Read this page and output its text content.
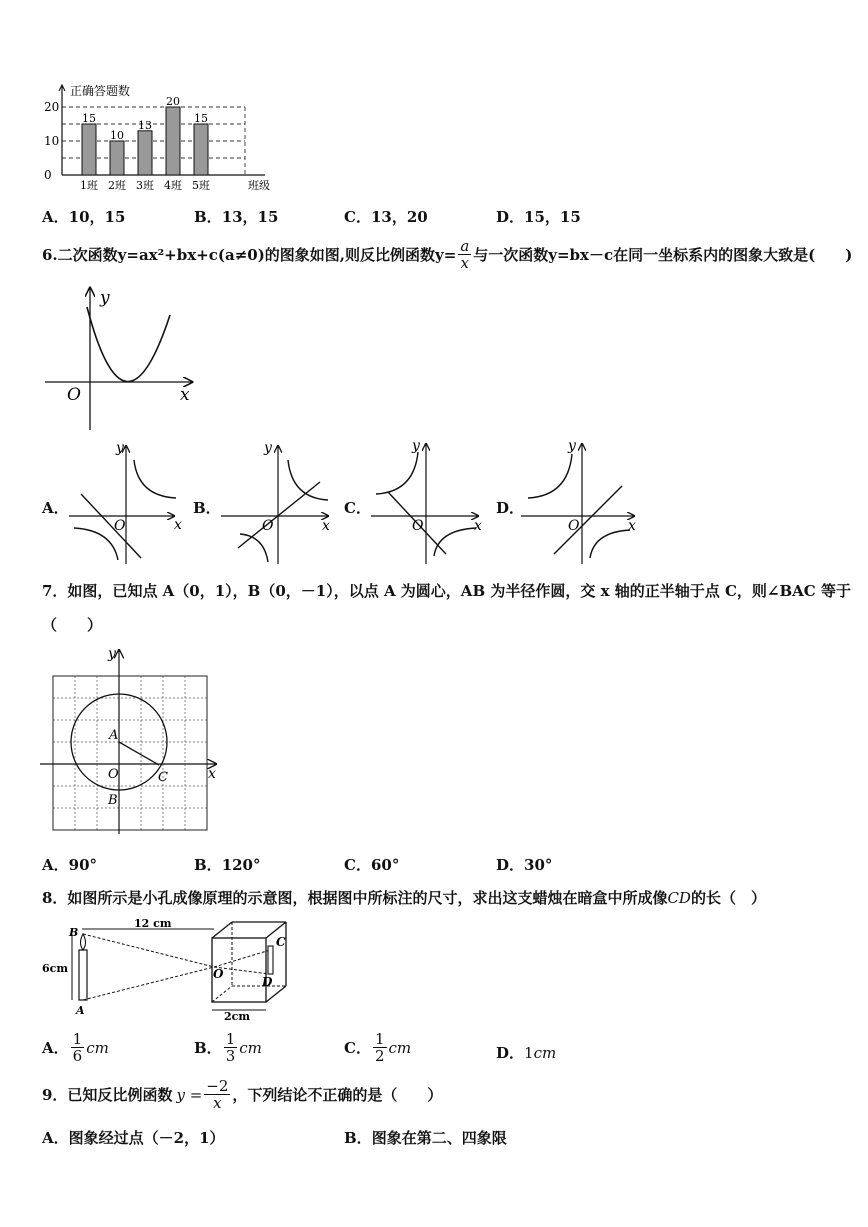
正确答题数
0
10
20
15
1班
10
2班
13
3班
20
4班
15
5班	班级
A．10，15	B．13，15	C．13，20	D．15，15
6.二次函数y=ax²+bx+c(a≠0)的图象如图,则反比例函数$y= \frac{a}{x}$ 与一次函数y=bx－c在同一坐标系内的图象大致是(　　)
y
x
O
A．
y
x
O
B．
y
x
O
C．
y
x
O
D．
y
x
O
7．如图，已知点 A（0，1），B（0，－1），以点 A 为圆心，AB 为半径作圆，交 x 轴的正半轴于点 C，则∠BAC 等于
（　　）
y
x
A
O
B
C
A．90°	B．120°	C．60°	D．30°
8．如图所示是小孔成像原理的示意图，根据图中所标注的尺寸，求出这支蜡烛在暗盒中所成像CD的长（　）
12 cm
6cm
2cm
B
A
O
C
D
A． $\frac{1}{6}$ cm	B． $\frac{1}{3}$ cm	C． $\frac{1}{2}$ cm	D．1cm
9．已知反比例函数 $y = \frac{-2}{x}$ ，下列结论不正确的是（　　）
A．图象经过点（－2，1）	B．图象在第二、四象限
